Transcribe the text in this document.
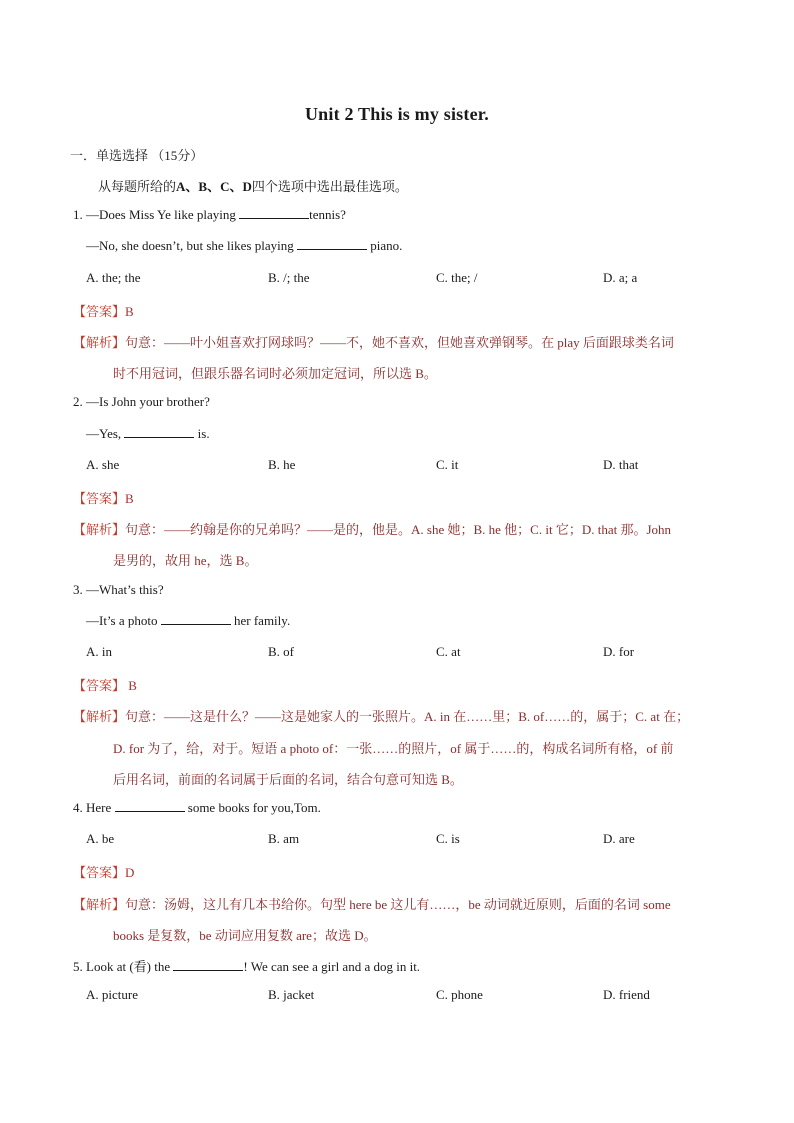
Unit 2 This is my sister.
一．单选选择 （15分）
从每题所给的A、B、C、D四个选项中选出最佳选项。
1. —Does Miss Ye like playing	tennis?
—No, she doesn’t, but she likes playing	piano.
A. the; the	B. /; the	C. the; /	D. a; a
【答案】B
【解析】句意：——叶小姐喜欢打网球吗？——不，她不喜欢，但她喜欢弹钢琴。在 play 后面跟球类名词
时不用冠词，但跟乐器名词时必须加定冠词，所以选 B。
2. —Is John your brother?
—Yes,	is.
A. she	B. he	C. it	D. that
【答案】B
【解析】句意：——约翰是你的兄弟吗？——是的，他是。A. she 她；B. he 他；C. it 它；D. that 那。John
是男的，故用 he，选 B。
3. —What’s this?
—It’s a photo	her family.
A. in	B. of	C. at	D. for
【答案】 B
【解析】句意：——这是什么？——这是她家人的一张照片。A. in 在……里；B. of……的，属于；C. at 在；
D. for 为了，给，对于。短语 a photo of：一张……的照片，of 属于……的，构成名词所有格，of 前
后用名词，前面的名词属于后面的名词，结合句意可知选 B。
4. Here	some books for you,Tom.
A. be	B. am	C. is	D. are
【答案】D
【解析】句意：汤姆，这儿有几本书给你。句型 here be 这儿有……，be 动词就近原则，后面的名词 some
books 是复数，be 动词应用复数 are；故选 D。
5. Look at (看) the	! We can see a girl and a dog in it.
A. picture	B. jacket	C. phone	D. friend
